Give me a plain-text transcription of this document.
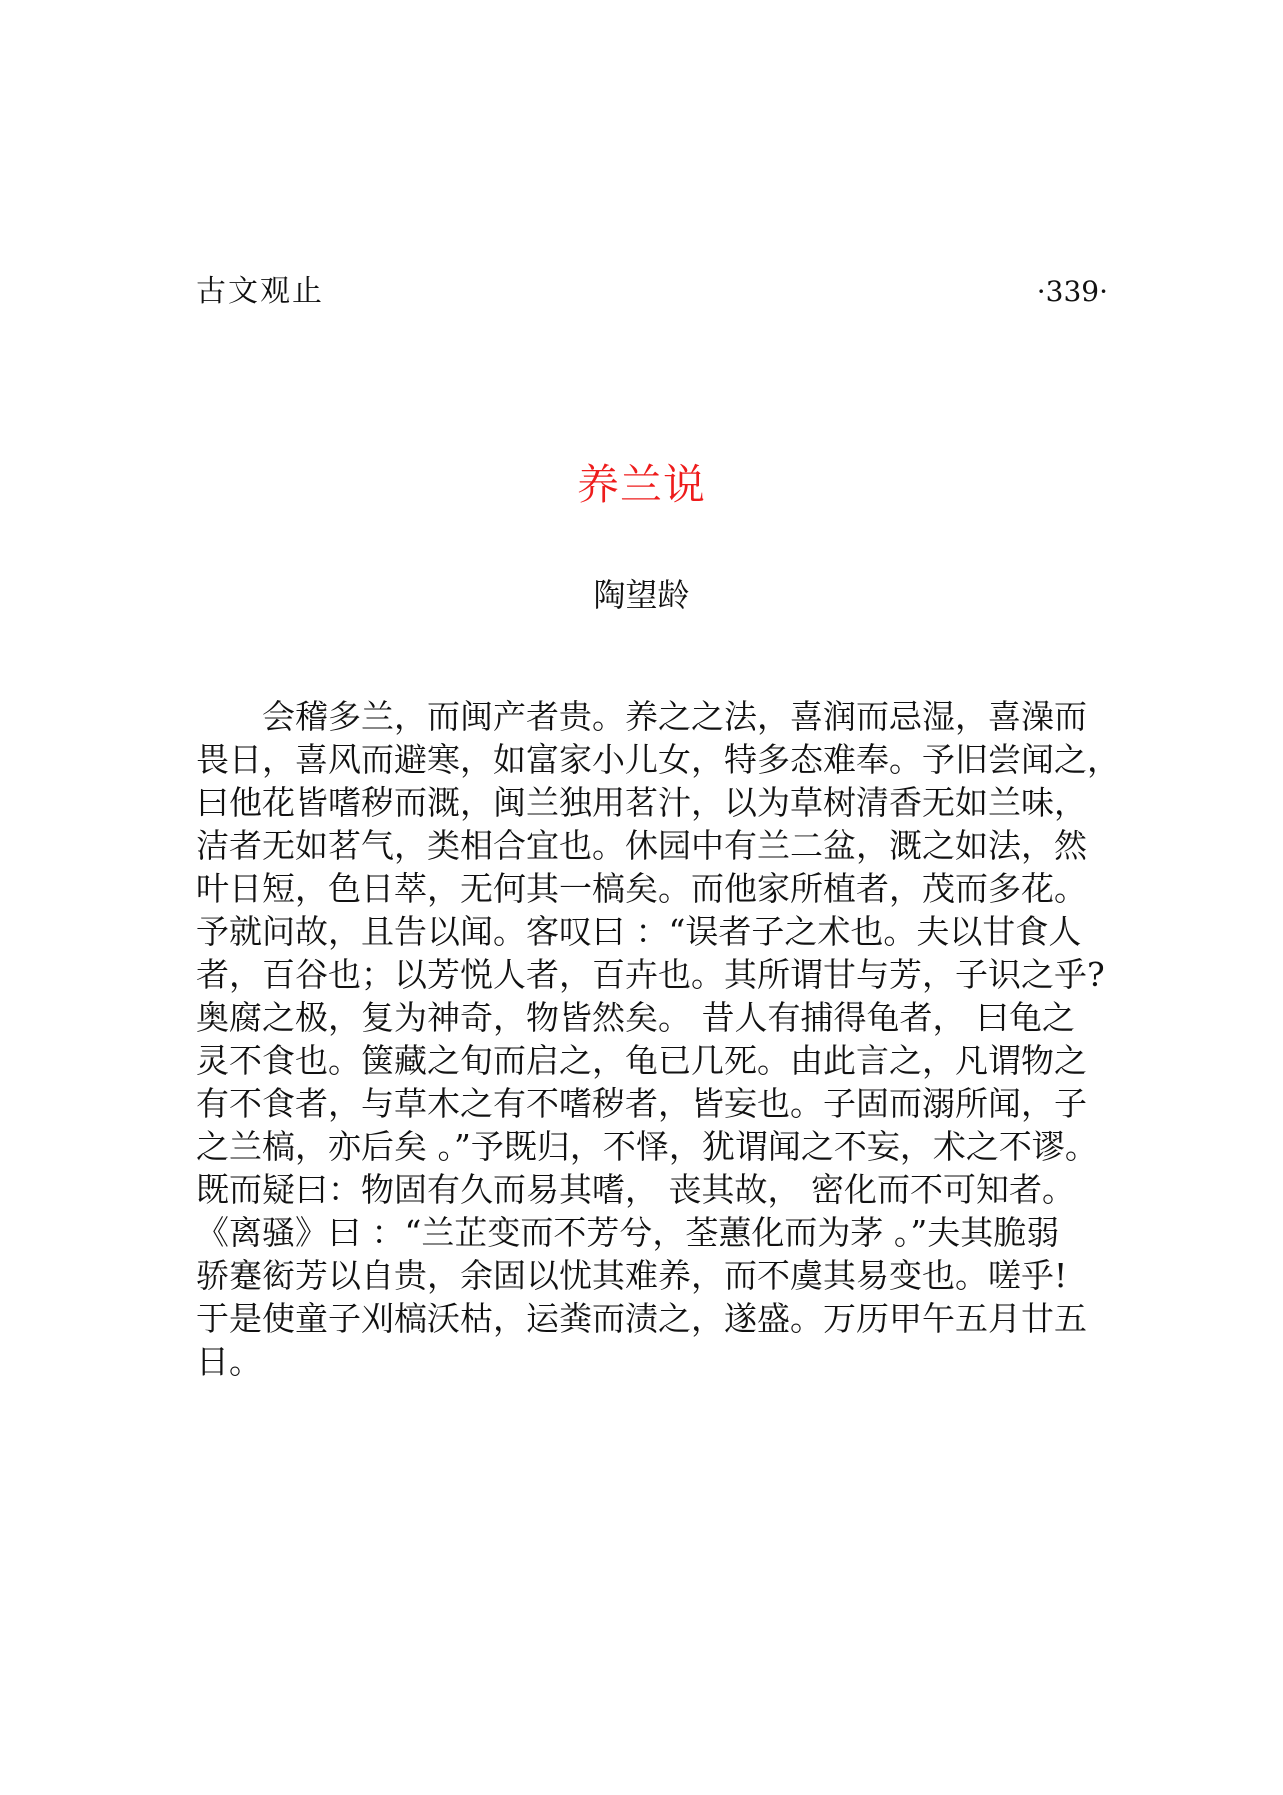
古文观止	·339·
养兰说
陶望龄
会稽多兰，而闽产者贵。养之之法，喜润而忌湿，喜澡而
畏日，喜风而避寒，如富家小儿女，特多态难奉。予旧尝闻之，
曰他花皆嗜秽而溉，闽兰独用茗汁，以为草树清香无如兰味，
洁者无如茗气，类相合宜也。休园中有兰二盆，溉之如法，然
叶日短，色日萃，无何其一槁矣。而他家所植者，茂而多花。
予就问故，且告以闻。客叹曰 ：“误者子之术也。夫以甘食人
者，百谷也；以芳悦人者，百卉也。其所谓甘与芳，子识之乎?
奥腐之极，复为神奇，物皆然矣。 昔人有捕得龟者， 曰龟之
灵不食也。箧藏之旬而启之，龟已几死。由此言之，凡谓物之
有不食者，与草木之有不嗜秽者，皆妄也。子固而溺所闻，子
之兰槁，亦后矣 。”予既归，不怿，犹谓闻之不妄，术之不谬。
既而疑曰：物固有久而易其嗜， 丧其故， 密化而不可知者。
《离骚》曰 ：“兰芷变而不芳兮，荃蕙化而为茅 。”夫其脆弱
骄蹇衒芳以自贵，余固以忧其难养，而不虞其易变也。嗟乎!
于是使童子刈槁沃枯，运粪而渍之，遂盛。万历甲午五月廿五
日。
